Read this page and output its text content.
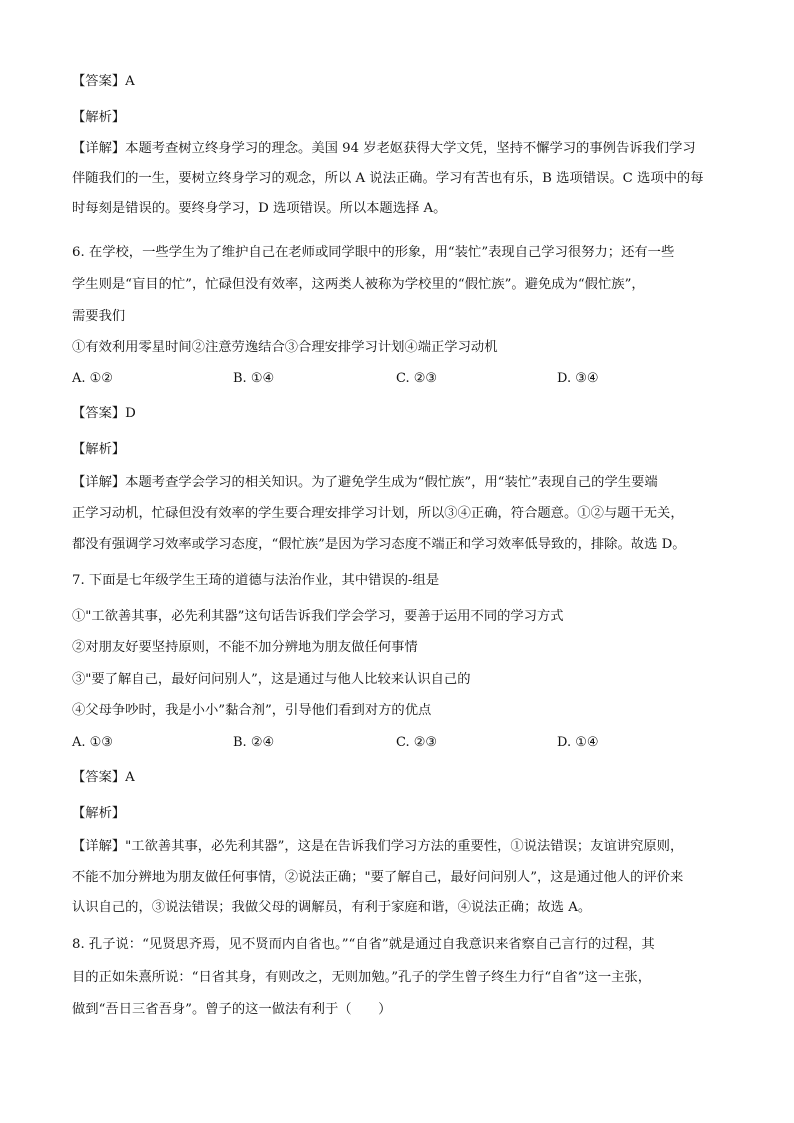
【答案】A
【解析】
【详解】本题考查树立终身学习的理念。美国 94 岁老妪获得大学文凭，坚持不懈学习的事例告诉我们学习
伴随我们的一生，要树立终身学习的观念，所以 A 说法正确。学习有苦也有乐，B 选项错误。C 选项中的每
时每刻是错误的。要终身学习，D 选项错误。所以本题选择 A。
6. 在学校，一些学生为了维护自己在老师或同学眼中的形象，用“装忙”表现自己学习很努力；还有一些
学生则是“盲目的忙”，忙碌但没有效率，这两类人被称为学校里的“假忙族”。避免成为“假忙族”，
需要我们
①有效利用零星时间②注意劳逸结合③合理安排学习计划④端正学习动机
A. ①②	B. ①④	C. ②③	D. ③④
【答案】D
【解析】
【详解】本题考查学会学习的相关知识。为了避免学生成为“假忙族”，用“装忙”表现自己的学生要端
正学习动机，忙碌但没有效率的学生要合理安排学习计划，所以③④正确，符合题意。①②与题干无关，
都没有强调学习效率或学习态度，“假忙族”是因为学习态度不端正和学习效率低导致的，排除。故选 D。
7. 下面是七年级学生王琦的道德与法治作业，其中错误的-组是
①"工欲善其事，必先利其器”这句话告诉我们学会学习，要善于运用不同的学习方式
②对朋友好要坚持原则，不能不加分辨地为朋友做任何事情
③"要了解自己，最好问问别人”，这是通过与他人比较来认识自己的
④父母争吵时，我是小小”黏合剂”，引导他们看到对方的优点
A. ①③	B. ②④	C. ②③	D. ①④
【答案】A
【解析】
【详解】"工欲善其事，必先利其器”，这是在告诉我们学习方法的重要性，①说法错误；友谊讲究原则，
不能不加分辨地为朋友做任何事情，②说法正确；"要了解自己，最好问问别人”，这是通过他人的评价来
认识自己的，③说法错误；我做父母的调解员，有利于家庭和谐，④说法正确；故选 A。
8. 孔子说：“见贤思齐焉，见不贤而内自省也。”“自省”就是通过自我意识来省察自己言行的过程，其
目的正如朱熹所说：“日省其身，有则改之，无则加勉。”孔子的学生曾子终生力行“自省”这一主张，
做到“吾日三省吾身”。曾子的这一做法有利于（　　）
